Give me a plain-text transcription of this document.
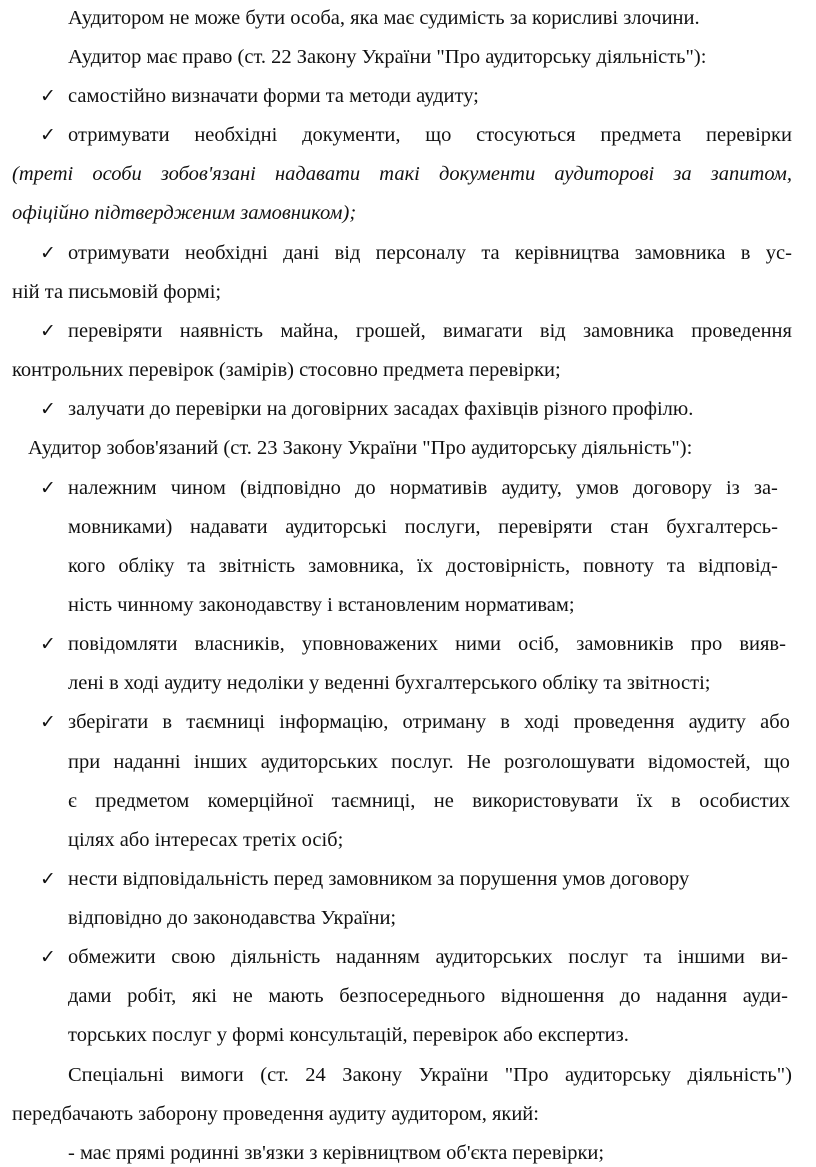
Аудитором не може бути особа, яка має судимість за корисливі злочини.
Аудитор має право (ст. 22 Закону України "Про аудиторську діяльність"):
✓ самостійно визначати форми та методи аудиту;
✓ отримувати необхідні документи, що стосуються предмета перевірки
(треті особи зобов'язані надавати такі документи аудиторові за запитом,
офіційно підтвердженим замовником);
✓ отримувати необхідні дані від персоналу та керівництва замовника в ус-
ній та письмовій формі;
✓ перевіряти наявність майна, грошей, вимагати від замовника проведення
контрольних перевірок (замірів) стосовно предмета перевірки;
✓ залучати до перевірки на договірних засадах фахівців різного профілю.
Аудитор зобов'язаний (ст. 23 Закону України "Про аудиторську діяльність"):
✓ належним чином (відповідно до нормативів аудиту, умов договору із за-
мовниками) надавати аудиторські послуги, перевіряти стан бухгалтерсь-
кого обліку та звітність замовника, їх достовірність, повноту та відповід-
ність чинному законодавству і встановленим нормативам;
✓ повідомляти власників, уповноважених ними осіб, замовників про вияв-
лені в ході аудиту недоліки у веденні бухгалтерського обліку та звітності;
✓ зберігати в таємниці інформацію, отриману в ході проведення аудиту або
при наданні інших аудиторських послуг. Не розголошувати відомостей, що
є предметом комерційної таємниці, не використовувати їх в особистих
цілях або інтересах третіх осіб;
✓ нести відповідальність перед замовником за порушення умов договору
відповідно до законодавства України;
✓ обмежити свою діяльність наданням аудиторських послуг та іншими ви-
дами робіт, які не мають безпосереднього відношення до надання ауди-
торських послуг у формі консультацій, перевірок або експертиз.
Спеціальні вимоги (ст. 24 Закону України "Про аудиторську діяльність")
передбачають заборону проведення аудиту аудитором, який:
- має прямі родинні зв'язки з керівництвом об'єкта перевірки;
